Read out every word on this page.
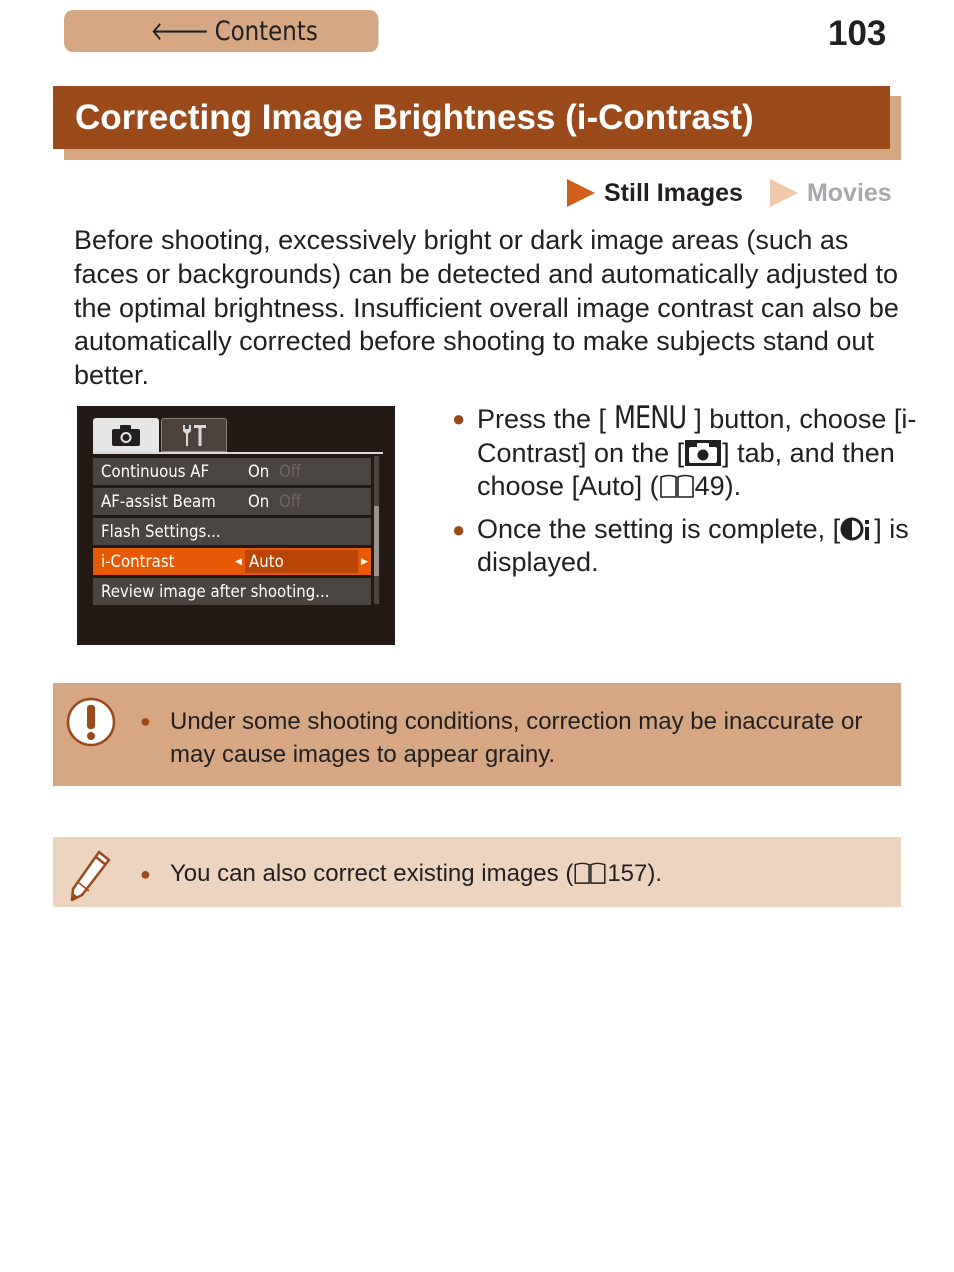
🡐 Contents	103
Correcting Image Brightness (i-Contrast)
Still Images	Movies

Before shooting, excessively bright or dark image areas (such as faces or backgrounds) can be detected and automatically adjusted to the optimal brightness. Insufficient overall image contrast can also be automatically corrected before shooting to make subjects stand out better.

Continuous AF On Off
AF-assist Beam On Off
Flash Settings...
i-Contrast	◀ Auto	▶
Review image after shooting...
● Press the [ MENU ] button, choose [i-Contrast] on the [ ] tab, and then choose [Auto] ( 49).
● Once the setting is complete, [ ] is displayed.
● Under some shooting conditions, correction may be inaccurate or may cause images to appear grainy.
● You can also correct existing images ( 157).
